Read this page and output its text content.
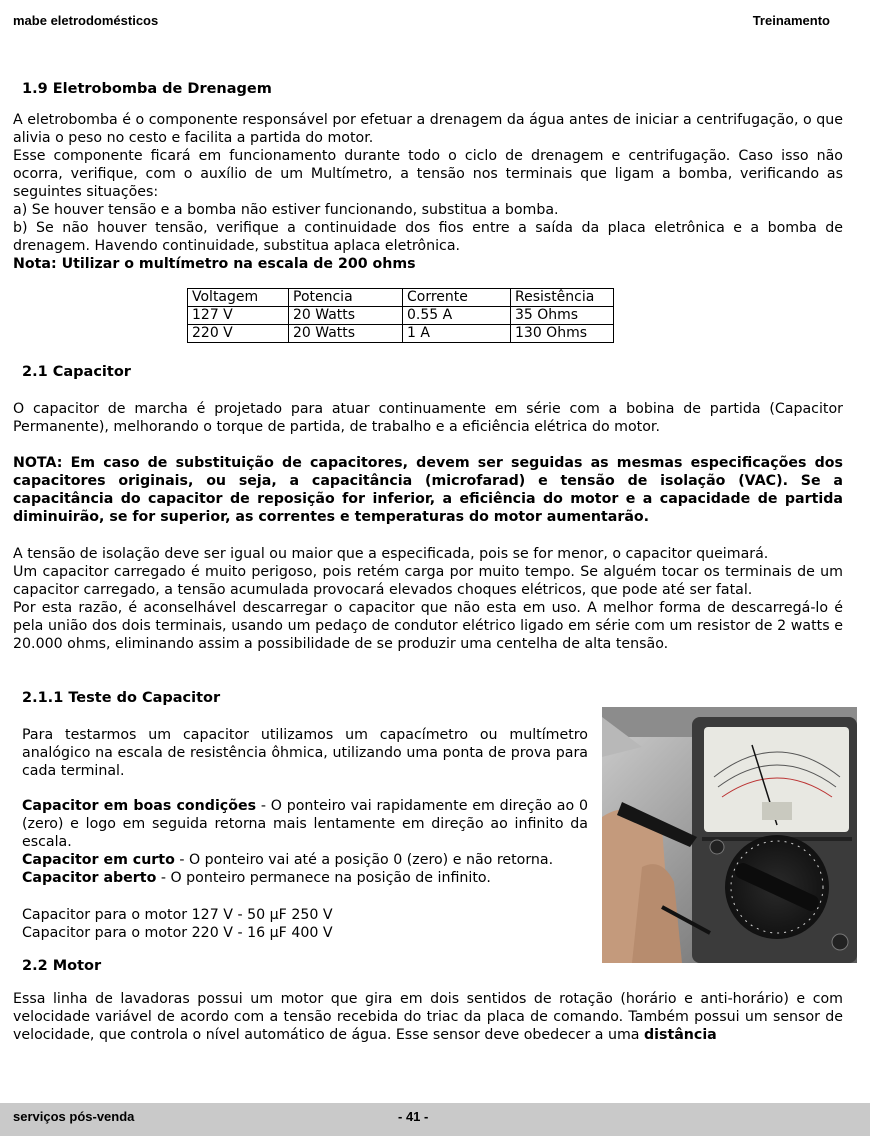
mabe eletrodomésticos	Treinamento
1.9 Eletrobomba de Drenagem

A eletrobomba é o componente responsável por efetuar a drenagem da água antes de iniciar a centrifugação, o que alivia o peso no cesto e facilita a partida do motor.

Esse componente ficará em funcionamento durante todo o ciclo de drenagem e centrifugação. Caso isso não ocorra, verifique, com o auxílio de um Multímetro, a tensão nos terminais que ligam a bomba, verificando as seguintes situações:

a) Se houver tensão e a bomba não estiver funcionando, substitua a bomba.

b) Se não houver tensão, verifique a continuidade dos fios entre a saída da placa eletrônica e a bomba de drenagem. Havendo continuidade, substitua aplaca eletrônica.

Nota: Utilizar o multímetro na escala de 200 ohms

Voltagem	Potencia	Corrente	Resistência
127 V	20 Watts	0.55 A	35 Ohms
220 V	20 Watts	1 A	130 Ohms
2.1 Capacitor

O capacitor de marcha é projetado para atuar continuamente em série com a bobina de partida (Capacitor Permanente), melhorando o torque de partida, de trabalho e a eficiência elétrica do motor.

NOTA: Em caso de substituição de capacitores, devem ser seguidas as mesmas especificações dos capacitores originais, ou seja, a capacitância (microfarad) e tensão de isolação (VAC). Se a capacitância do capacitor de reposição for inferior, a eficiência do motor e a capacidade de partida diminuirão, se for superior, as correntes e temperaturas do motor aumentarão.

A tensão de isolação deve ser igual ou maior que a especificada, pois se for menor, o capacitor queimará.

Um capacitor carregado é muito perigoso, pois retém carga por muito tempo. Se alguém tocar os terminais de um capacitor carregado, a tensão acumulada provocará elevados choques elétricos, que pode até ser fatal.

Por esta razão, é aconselhável descarregar o capacitor que não esta em uso. A melhor forma de descarregá-lo é pela união dos dois terminais, usando um pedaço de condutor elétrico ligado em série com um resistor de 2 watts e 20.000 ohms, eliminando assim a possibilidade de se produzir uma centelha de alta tensão.

2.1.1 Teste do Capacitor

Para testarmos um capacitor utilizamos um capacímetro ou multímetro analógico na escala de resistência ôhmica, utilizando uma ponta de prova para cada terminal.

Capacitor em boas condições - O ponteiro vai rapidamente em direção ao 0 (zero) e logo em seguida retorna mais lentamente em direção ao infinito da escala.

Capacitor em curto - O ponteiro vai até a posição 0 (zero) e não retorna.

Capacitor aberto - O ponteiro permanece na posição de infinito.

Capacitor para o motor 127 V - 50 µF 250 V

Capacitor para o motor 220 V - 16 µF 400 V

2.2 Motor

Essa linha de lavadoras possui um motor que gira em dois sentidos de rotação (horário e anti-horário) e com velocidade variável de acordo com a tensão recebida do triac da placa de comando. Também possui um sensor de velocidade, que controla o nível automático de água. Esse sensor deve obedecer a uma distância

serviços pós-venda	- 41 -
